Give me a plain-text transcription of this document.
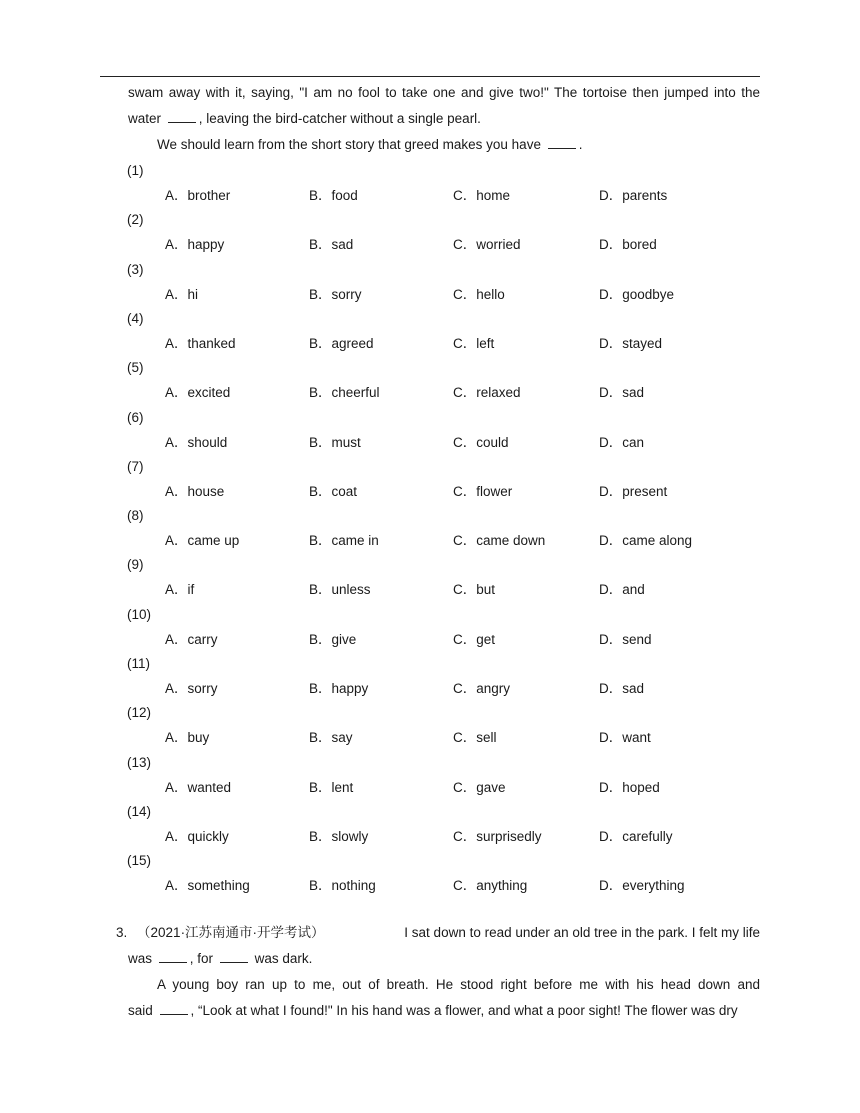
swam away with it, saying, "I am no fool to take one and give two!" The tortoise then jumped into the
water	, leaving the bird-catcher without a single pearl.
We should learn from the short story that greed makes you have	.
(1)
A．brother	B．food	C．home	D．parents
(2)
A．happy	B．sad	C．worried	D．bored
(3)
A．hi	B．sorry	C．hello	D．goodbye
(4)
A．thanked	B．agreed	C．left	D．stayed
(5)
A．excited	B．cheerful	C．relaxed	D．sad
(6)
A．should	B．must	C．could	D．can
(7)
A．house	B．coat	C．flower	D．present
(8)
A．came up	B．came in	C．came down	D．came along
(9)
A．if	B．unless	C．but	D．and
(10)
A．carry	B．give	C．get	D．send
(11)
A．sorry	B．happy	C．angry	D．sad
(12)
A．buy	B．say	C．sell	D．want
(13)
A．wanted	B．lent	C．gave	D．hoped
(14)
A．quickly	B．slowly	C．surprisedly	D．carefully
(15)
A．something	B．nothing	C．anything	D．everything
3. （2021·江苏南通市·开学考试）	I sat down to read under an old tree in the park. I felt my life
was	, for	was dark.
A young boy ran up to me, out of breath. He stood right before me with his head down and
said	, “Look at what I found!" In his hand was a flower, and what a poor sight! The flower was dry
